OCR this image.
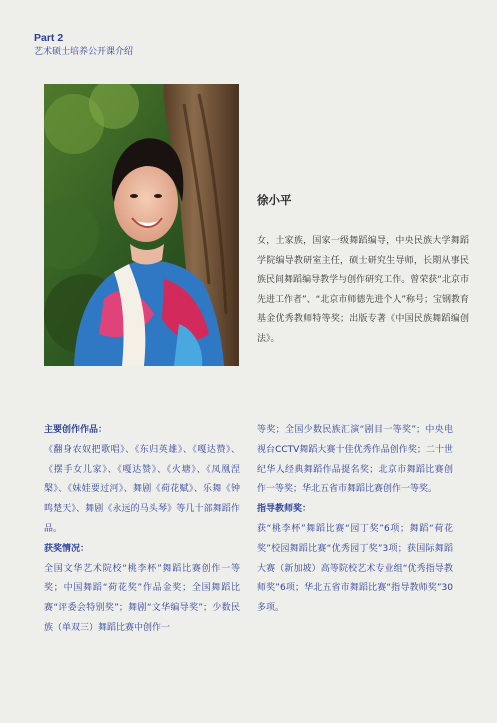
Part 2
艺术硕士培养公开课介绍
徐小平
女，土家族，国家一级舞蹈编导，中央民族大学舞蹈学院编导教研室主任，硕士研究生导师，长期从事民族民间舞蹈编导教学与创作研究工作。曾荣获“北京市先进工作者”、“北京市师德先进个人”称号；宝钢教育基金优秀教师特等奖；出版专著《中国民族舞蹈编创法》。
主要创作作品：
《翻身农奴把歌唱》、《东归英雄》、《嘎达赞》、《摆手女儿家》、《嘎达赞》、《火塘》、《凤凰涅槃》、《妹娃要过河》、舞剧《荷花赋》、乐舞《钟鸣楚天》、舞剧《永远的马头琴》等几十部舞蹈作品。
获奖情况：
全国文华艺术院校“桃李杯”舞蹈比赛创作一等奖；中国舞蹈“荷花奖”作品金奖；全国舞蹈比赛“评委会特别奖”；舞剧“文华编导奖”；少数民族（单双三）舞蹈比赛中创作一
等奖；全国少数民族汇演“剧目一等奖”；中央电视台CCTV舞蹈大赛十佳优秀作品创作奖；二十世纪华人经典舞蹈作品提名奖；北京市舞蹈比赛创作一等奖；华北五省市舞蹈比赛创作一等奖。
指导教师奖：
获“桃李杯”舞蹈比赛“园丁奖”6项；舞蹈“荷花奖”校园舞蹈比赛“优秀园丁奖”3项；获国际舞蹈大赛（新加坡）高等院校艺术专业组“优秀指导教师奖”6项；华北五省市舞蹈比赛“指导教师奖”30多项。
